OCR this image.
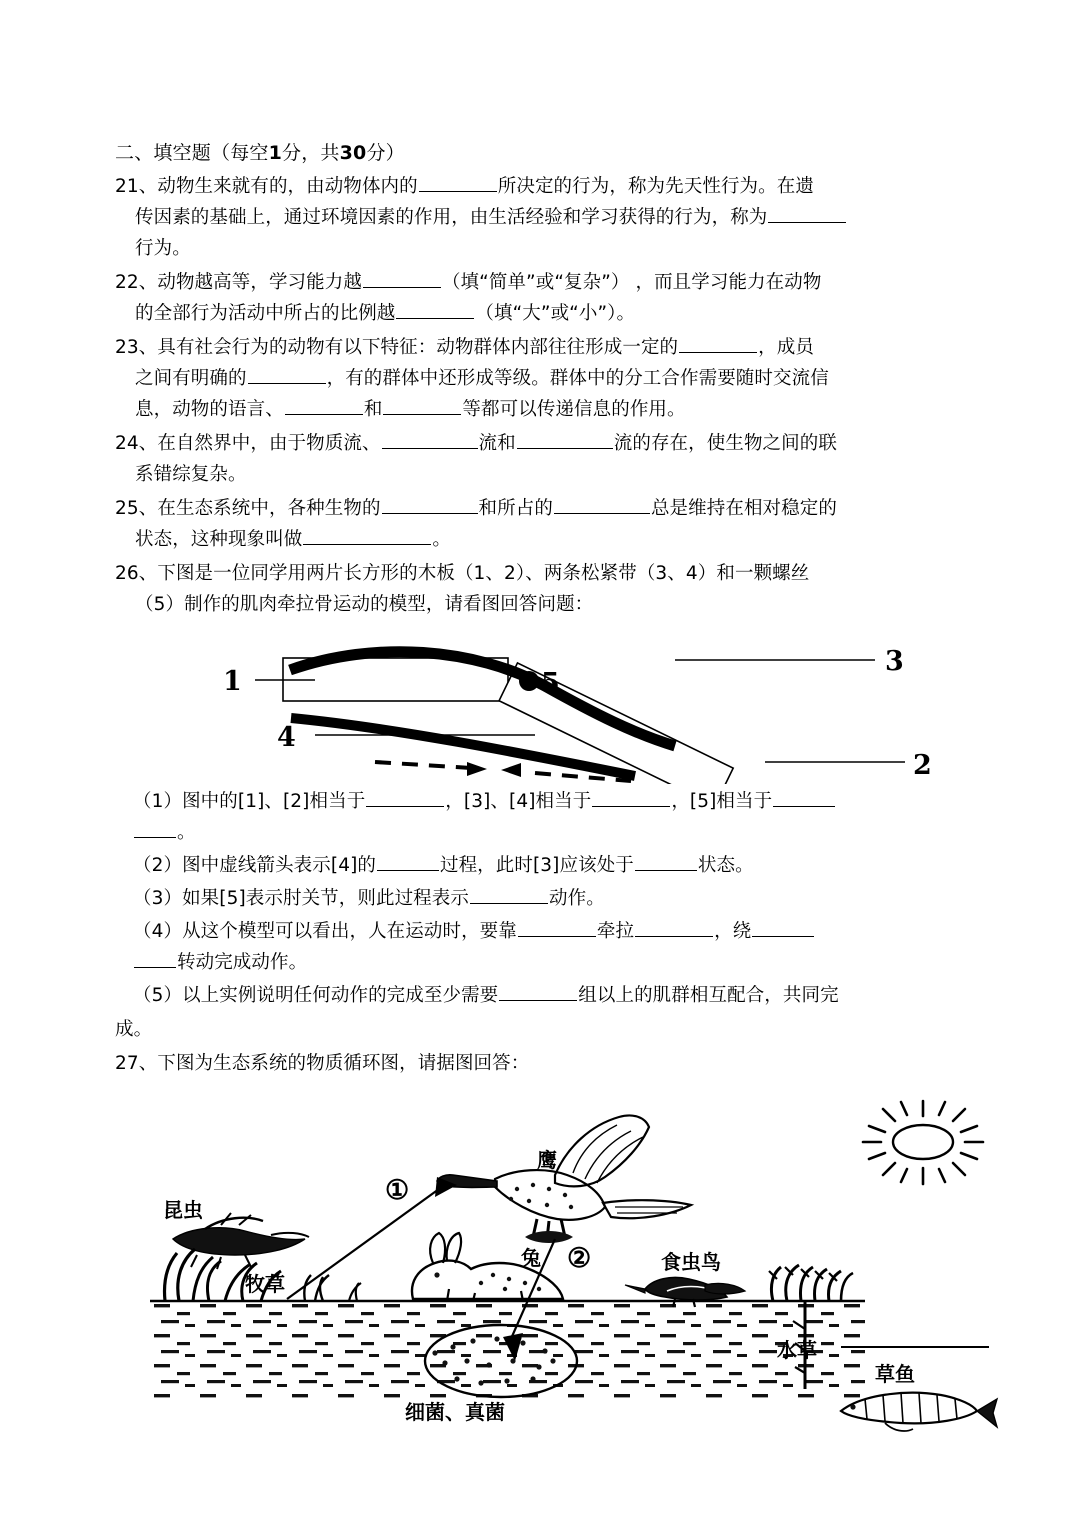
二、填空题（每空1分，共30分）
21、动物生来就有的，由动物体内的	所决定的行为，称为先天性行为。在遗
传因素的基础上，通过环境因素的作用，由生活经验和学习获得的行为，称为
行为。
22、动物越高等，学习能力越	（填“简单”或“复杂”） ，而且学习能力在动物
的全部行为活动中所占的比例越	（填“大”或“小”）。
23、具有社会行为的动物有以下特征：动物群体内部往往形成一定的	，成员
之间有明确的	，有的群体中还形成等级。群体中的分工合作需要随时交流信
息，动物的语言、	和	等都可以传递信息的作用。
24、在自然界中，由于物质流、	流和	流的存在，使生物之间的联
系错综复杂。
25、在生态系统中，各种生物的	和所占的	总是维持在相对稳定的
状态，这种现象叫做	。
26、下图是一位同学用两片长方形的木板（1、2）、两条松紧带（3、4）和一颗螺丝
（5）制作的肌肉牵拉骨运动的模型，请看图回答问题：
1
3
4
2
5
（1）图中的[1]、[2]相当于	，[3]、[4]相当于	，[5]相当于
。
（2）图中虚线箭头表示[4]的	过程，此时[3]应该处于	状态。
（3）如果[5]表示肘关节，则此过程表示	动作。
（4）从这个模型可以看出，人在运动时，要靠	牵拉	，绕
转动完成动作。
（5）以上实例说明任何动作的完成至少需要	组以上的肌群相互配合，共同完
成。
27、下图为生态系统的物质循环图，请据图回答：
昆虫
鹰
①
②
牧草
兔	食虫鸟
水草
草鱼
细菌、真菌
